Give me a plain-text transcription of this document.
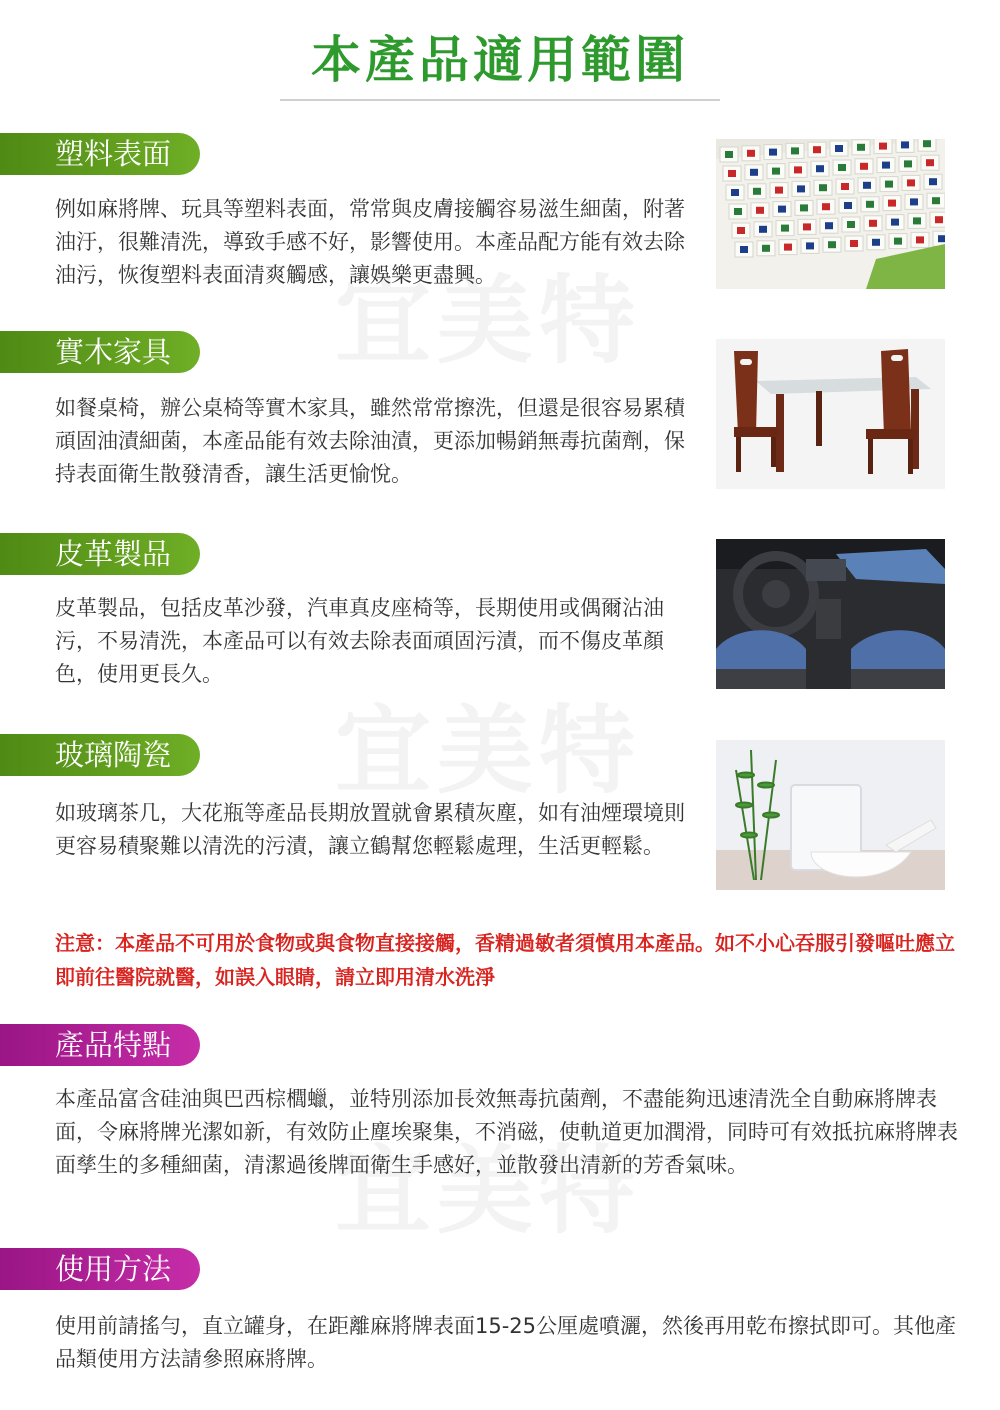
本產品適用範圍
塑料表面
例如麻將牌、玩具等塑料表面，常常與皮膚接觸容易滋生細菌，附著油汙，很難清洗，導致手感不好，影響使用。本產品配方能有效去除油污，恢復塑料表面清爽觸感，讓娛樂更盡興。
實木家具
如餐桌椅，辦公桌椅等實木家具，雖然常常擦洗，但還是很容易累積頑固油漬細菌，本產品能有效去除油漬，更添加暢銷無毒抗菌劑，保持表面衛生散發清香，讓生活更愉悅。
皮革製品
皮革製品，包括皮革沙發，汽車真皮座椅等，長期使用或偶爾沾油污，不易清洗，本產品可以有效去除表面頑固污漬，而不傷皮革顏色，使用更長久。
玻璃陶瓷
如玻璃茶几，大花瓶等產品長期放置就會累積灰塵，如有油煙環境則更容易積聚難以清洗的污漬，讓立鶴幫您輕鬆處理，生活更輕鬆。
注意：本產品不可用於食物或與食物直接接觸，香精過敏者須慎用本產品。如不小心吞服引發嘔吐應立即前往醫院就醫，如誤入眼睛，請立即用清水洗淨
產品特點
本產品富含硅油與巴西棕櫚蠟，並特別添加長效無毒抗菌劑，不盡能夠迅速清洗全自動麻將牌表面，令麻將牌光潔如新，有效防止塵埃聚集，不消磁，使軌道更加潤滑，同時可有效抵抗麻將牌表面孳生的多種細菌，清潔過後牌面衛生手感好，並散發出清新的芳香氣味。
使用方法
使用前請搖勻，直立罐身，在距離麻將牌表面15-25公厘處噴灑，然後再用乾布擦拭即可。其他產品類使用方法請參照麻將牌。
